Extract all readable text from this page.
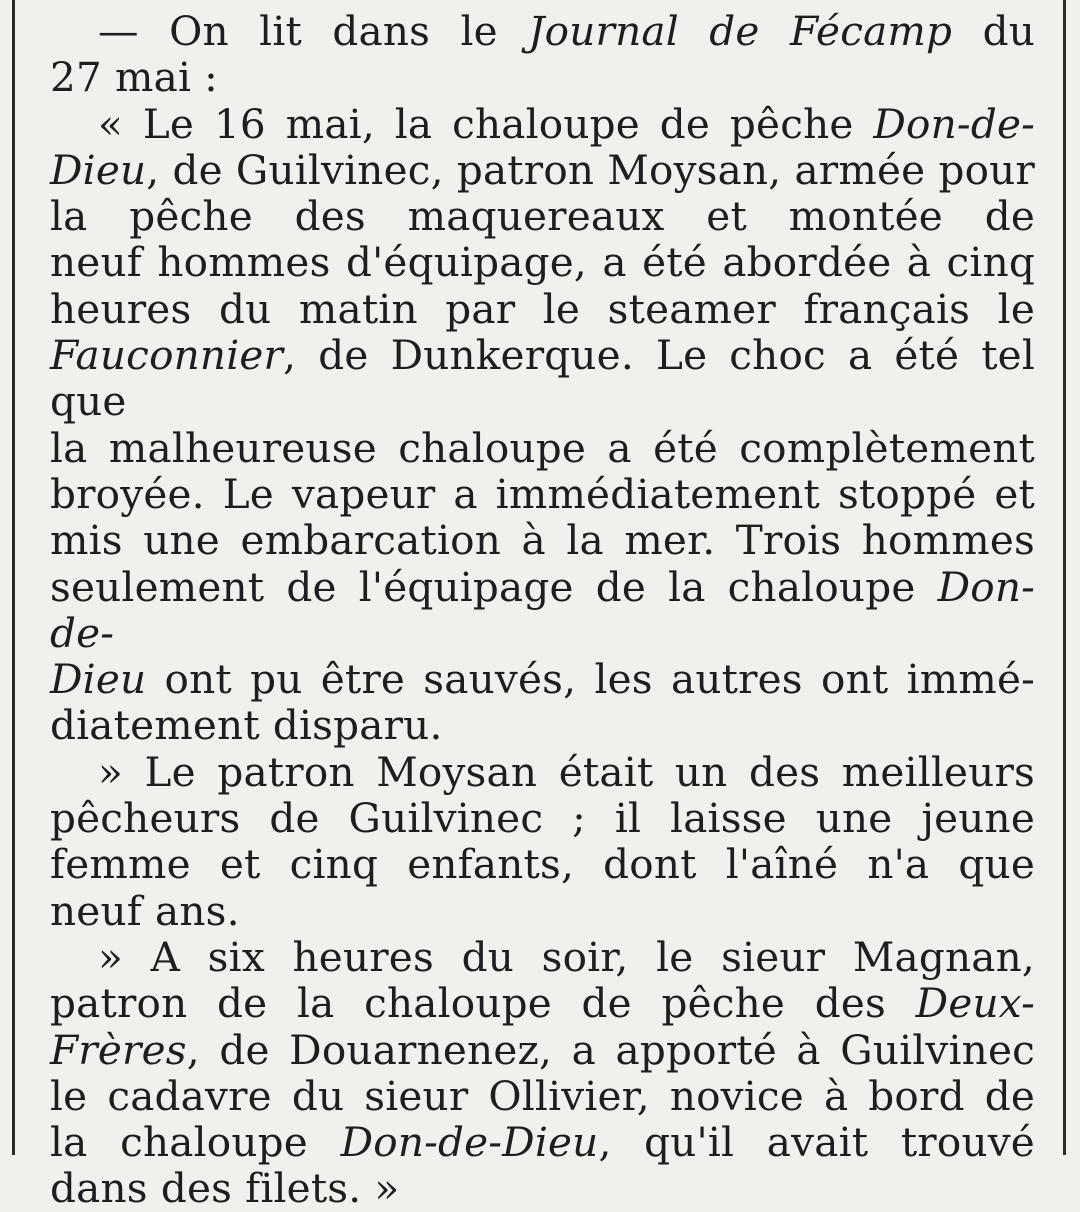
— On lit dans le Journal de Fécamp du

27 mai :

« Le 16 mai, la chaloupe de pêche Don-de-

Dieu, de Guilvinec, patron Moysan, armée pour

la pêche des maquereaux et montée de

neuf hommes d'équipage, a été abordée à cinq

heures du matin par le steamer français le

Fauconnier, de Dunkerque. Le choc a été tel que

la malheureuse chaloupe a été complètement

broyée. Le vapeur a immédiatement stoppé et

mis une embarcation à la mer. Trois hommes

seulement de l'équipage de la chaloupe Don-de-

Dieu ont pu être sauvés, les autres ont immé-

diatement disparu.

» Le patron Moysan était un des meilleurs

pêcheurs de Guilvinec ; il laisse une jeune

femme et cinq enfants, dont l'aîné n'a que

neuf ans.

» A six heures du soir, le sieur Magnan,

patron de la chaloupe de pêche des Deux-

Frères, de Douarnenez, a apporté à Guilvinec

le cadavre du sieur Ollivier, novice à bord de

la chaloupe Don-de-Dieu, qu'il avait trouvé

dans des filets. »
